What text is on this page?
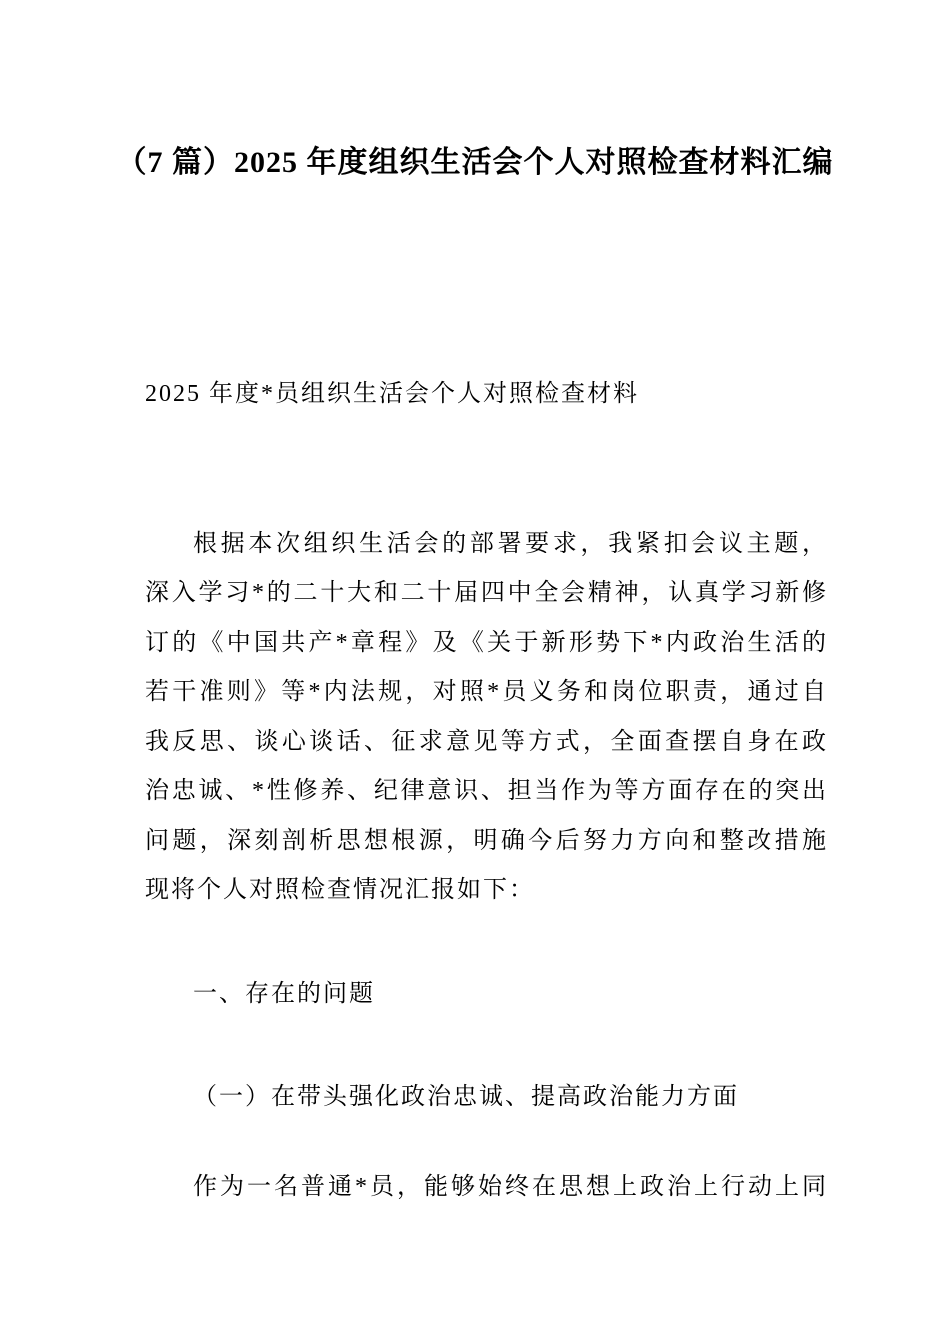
（7 篇）2025 年度组织生活会个人对照检查材料汇编
2025 年度*员组织生活会个人对照检查材料
根据本次组织生活会的部署要求，我紧扣会议主题，
深入学习*的二十大和二十届四中全会精神，认真学习新修
订的《中国共产*章程》及《关于新形势下*内政治生活的
若干准则》等*内法规，对照*员义务和岗位职责，通过自
我反思、谈心谈话、征求意见等方式，全面查摆自身在政
治忠诚、*性修养、纪律意识、担当作为等方面存在的突出
问题，深刻剖析思想根源，明确今后努力方向和整改措施
现将个人对照检查情况汇报如下：
一、存在的问题
（一）在带头强化政治忠诚、提高政治能力方面
作为一名普通*员，能够始终在思想上政治上行动上同
